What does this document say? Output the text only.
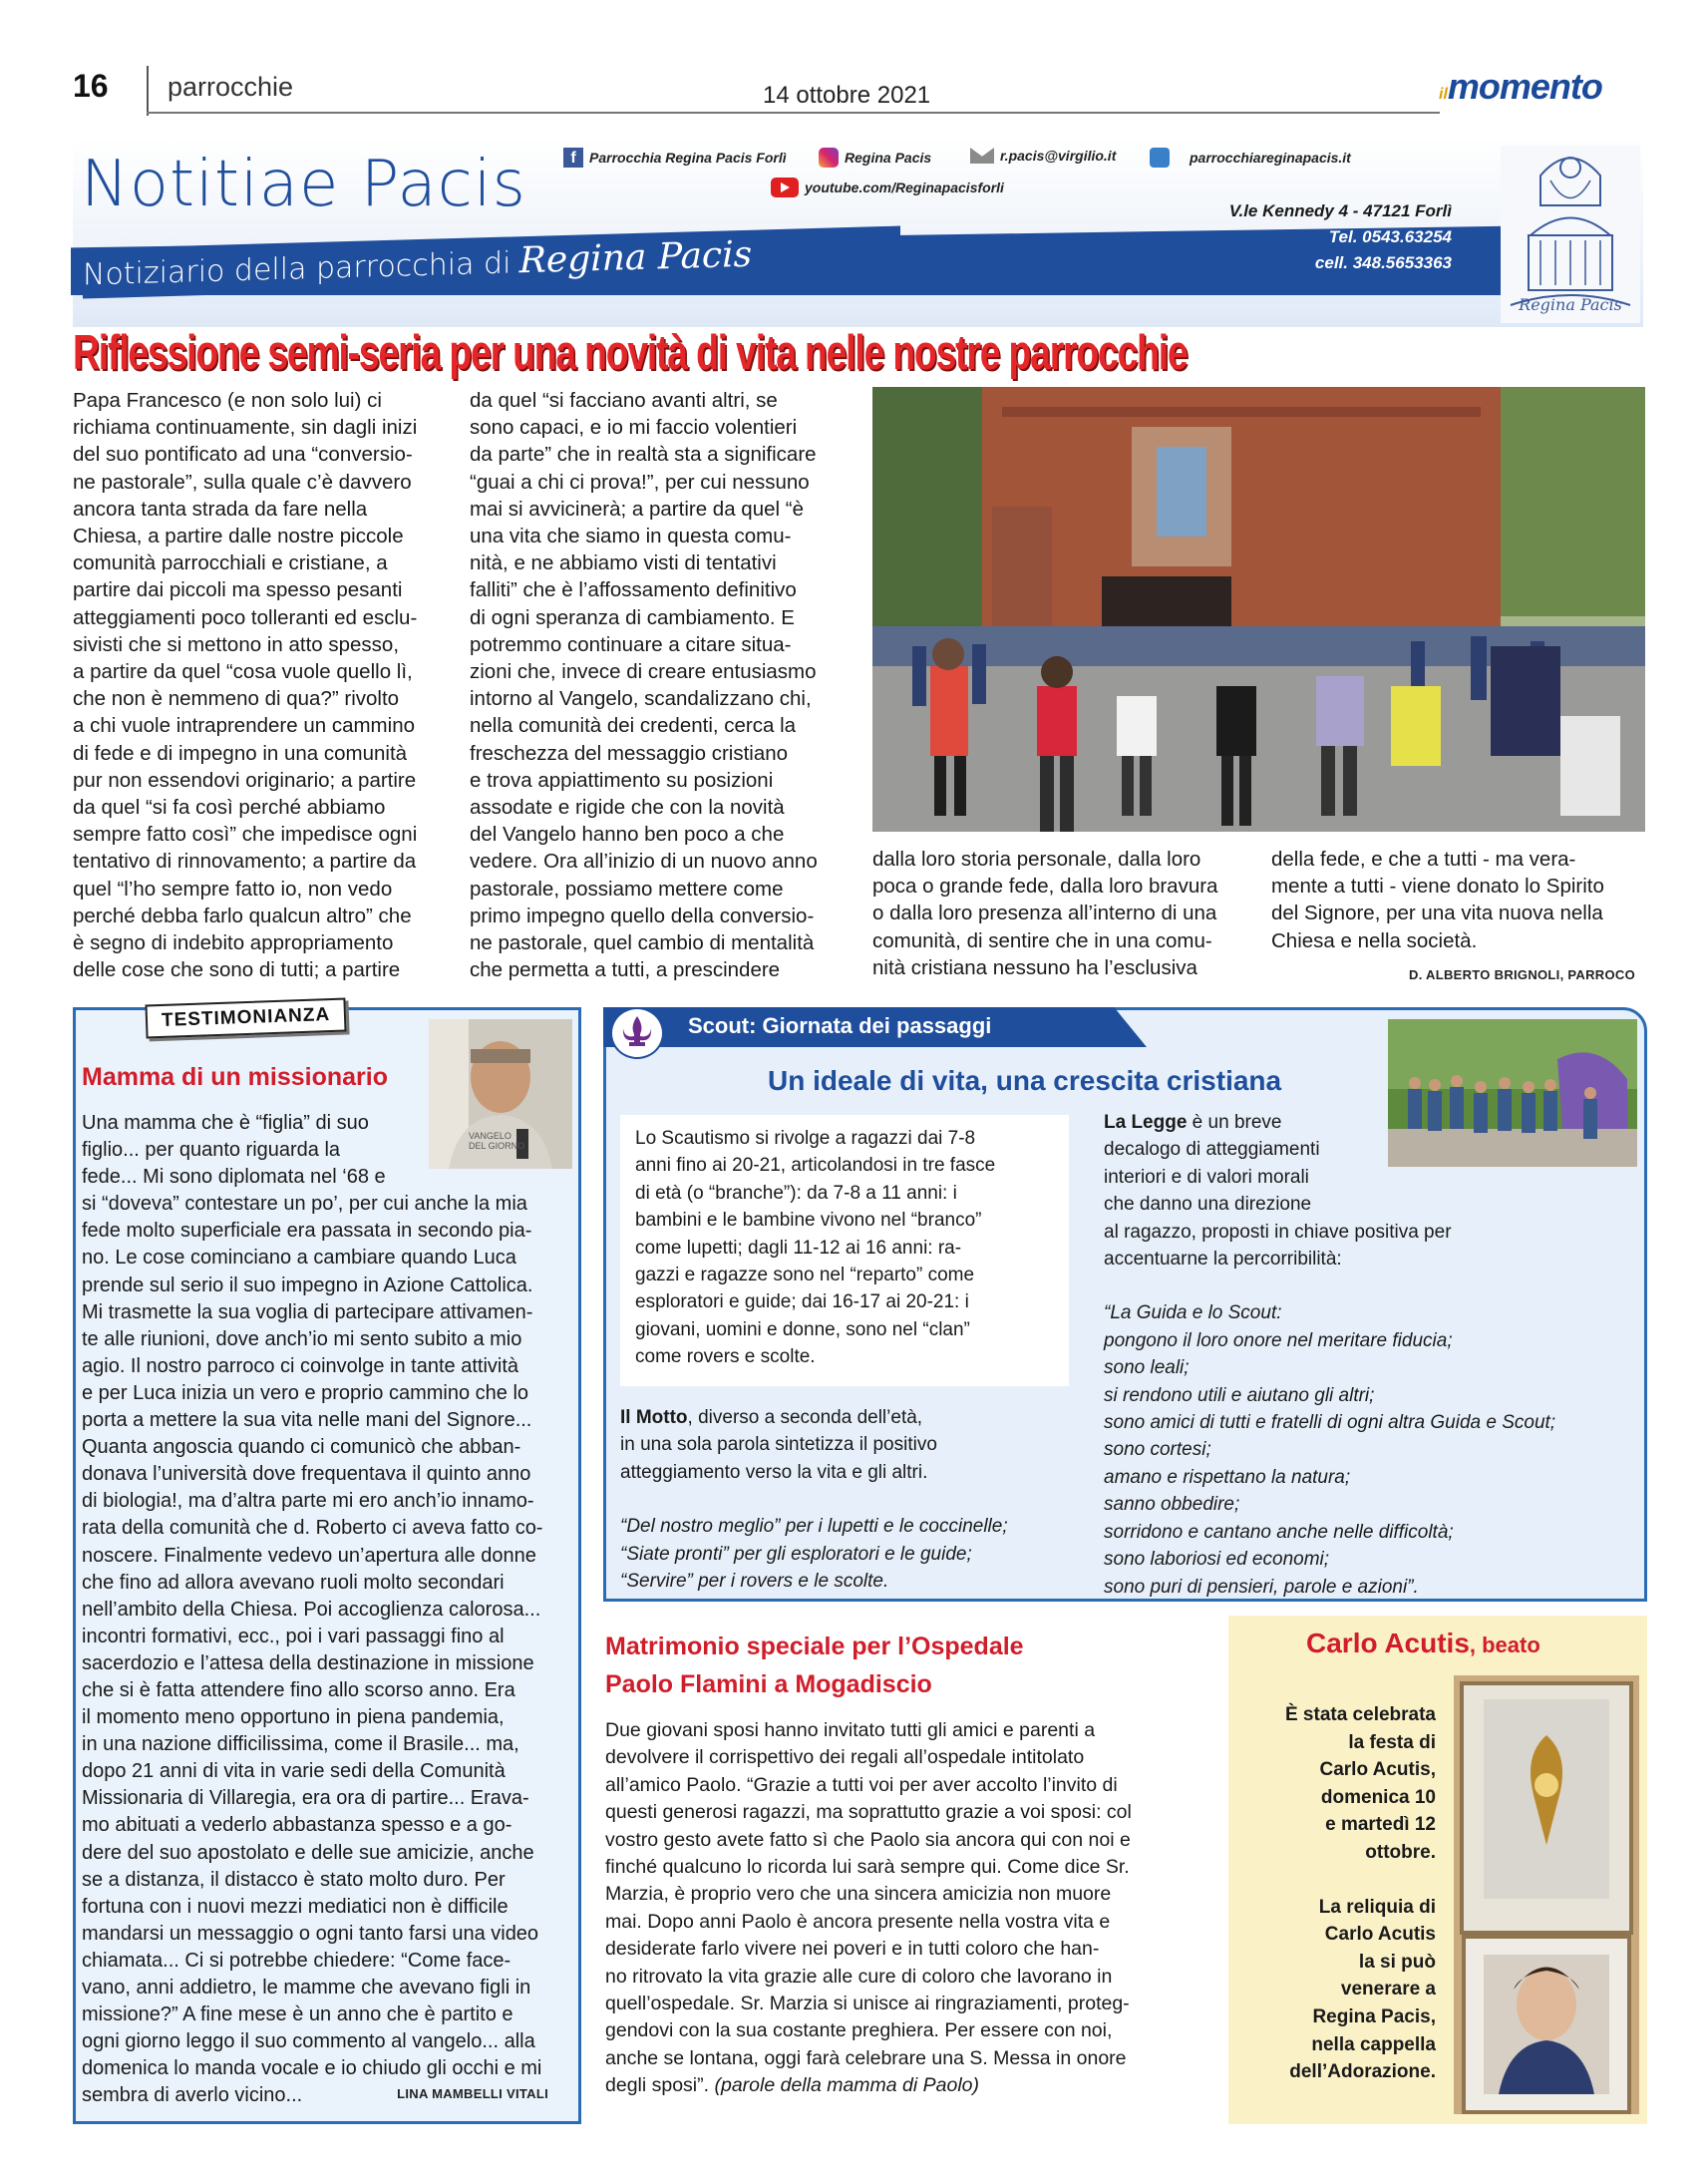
16 parrocchie	14 ottobre 2021	ilmomento
Notitiae Pacis
Notiziario della parrocchia di Regina Pacis
f Parrocchia Regina Pacis Forlì	Regina Pacis	r.pacis@virgilio.it	parrocchiareginapacis.it
youtube.com/Reginapacisforli
V.le Kennedy 4 - 47121 Forlì
Tel. 0543.63254
cell. 348.5653363
Regina Pacis
Riflessione semi-seria per una novità di vita nelle nostre parrocchie

Papa Francesco (e non solo lui) ci

richiama continuamente, sin dagli inizi

del suo pontificato ad una “conversio-

ne pastorale”, sulla quale c’è davvero

ancora tanta strada da fare nella

Chiesa, a partire dalle nostre piccole

comunità parrocchiali e cristiane, a

partire dai piccoli ma spesso pesanti

atteggiamenti poco tolleranti ed esclu-

sivisti che si mettono in atto spesso,

a partire da quel “cosa vuole quello lì,

che non è nemmeno di qua?” rivolto

a chi vuole intraprendere un cammino

di fede e di impegno in una comunità

pur non essendovi originario; a partire

da quel “si fa così perché abbiamo

sempre fatto così” che impedisce ogni

tentativo di rinnovamento; a partire da

quel “l’ho sempre fatto io, non vedo

perché debba farlo qualcun altro” che

è segno di indebito appropriamento

delle cose che sono di tutti; a partire

da quel “si facciano avanti altri, se

sono capaci, e io mi faccio volentieri

da parte” che in realtà sta a significare

“guai a chi ci prova!”, per cui nessuno

mai si avvicinerà; a partire da quel “è

una vita che siamo in questa comu-

nità, e ne abbiamo visti di tentativi

falliti” che è l’affossamento definitivo

di ogni speranza di cambiamento. E

potremmo continuare a citare situa-

zioni che, invece di creare entusiasmo

intorno al Vangelo, scandalizzano chi,

nella comunità dei credenti, cerca la

freschezza del messaggio cristiano

e trova appiattimento su posizioni

assodate e rigide che con la novità

del Vangelo hanno ben poco a che

vedere. Ora all’inizio di un nuovo anno

pastorale, possiamo mettere come

primo impegno quello della conversio-

ne pastorale, quel cambio di mentalità

che permetta a tutti, a prescindere

dalla loro storia personale, dalla loro

poca o grande fede, dalla loro bravura

o dalla loro presenza all’interno di una

comunità, di sentire che in una comu-

nità cristiana nessuno ha l’esclusiva

della fede, e che a tutti - ma vera-

mente a tutti - viene donato lo Spirito

del Signore, per una vita nuova nella

Chiesa e nella società.

D. ALBERTO BRIGNOLI, PARROCO
TESTIMONIANZA
Mamma di un missionario
VANGELO DEL GIORNO

Una mamma che è “figlia” di suo

figlio... per quanto riguarda la

fede... Mi sono diplomata nel ‘68 e

si “doveva” contestare un po’, per cui anche la mia

fede molto superficiale era passata in secondo pia-

no. Le cose cominciano a cambiare quando Luca

prende sul serio il suo impegno in Azione Cattolica.

Mi trasmette la sua voglia di partecipare attivamen-

te alle riunioni, dove anch’io mi sento subito a mio

agio. Il nostro parroco ci coinvolge in tante attività

e per Luca inizia un vero e proprio cammino che lo

porta a mettere la sua vita nelle mani del Signore...

Quanta angoscia quando ci comunicò che abban-

donava l’università dove frequentava il quinto anno

di biologia!, ma d’altra parte mi ero anch’io innamo-

rata della comunità che d. Roberto ci aveva fatto co-

noscere. Finalmente vedevo un’apertura alle donne

che fino ad allora avevano ruoli molto secondari

nell’ambito della Chiesa. Poi accoglienza calorosa...

incontri formativi, ecc., poi i vari passaggi fino al

sacerdozio e l’attesa della destinazione in missione

che si è fatta attendere fino allo scorso anno. Era

il momento meno opportuno in piena pandemia,

in una nazione difficilissima, come il Brasile... ma,

dopo 21 anni di vita in varie sedi della Comunità

Missionaria di Villaregia, era ora di partire... Erava-

mo abituati a vederlo abbastanza spesso e a go-

dere del suo apostolato e delle sue amicizie, anche

se a distanza, il distacco è stato molto duro. Per

fortuna con i nuovi mezzi mediatici non è difficile

mandarsi un messaggio o ogni tanto farsi una video

chiamata... Ci si potrebbe chiedere: “Come face-

vano, anni addietro, le mamme che avevano figli in

missione?” A fine mese è un anno che è partito e

ogni giorno leggo il suo commento al vangelo... alla

domenica lo manda vocale e io chiudo gli occhi e mi

sembra di averlo vicino...	LINA MAMBELLI VITALI
Scout: Giornata dei passaggi
Un ideale di vita, una crescita cristiana

Lo Scautismo si rivolge a ragazzi dai 7-8

anni fino ai 20-21, articolandosi in tre fasce

di età (o “branche”): da 7-8 a 11 anni: i

bambini e le bambine vivono nel “branco”

come lupetti; dagli 11-12 ai 16 anni: ra-

gazzi e ragazze sono nel “reparto” come

esploratori e guide; dai 16-17 ai 20-21: i

giovani, uomini e donne, sono nel “clan”

come rovers e scolte.

Il Motto, diverso a seconda dell’età,

in una sola parola sintetizza il positivo

atteggiamento verso la vita e gli altri.

“Del nostro meglio” per i lupetti e le coccinelle;

“Siate pronti” per gli esploratori e le guide;

“Servire” per i rovers e le scolte.

La Legge è un breve

decalogo di atteggiamenti

interiori e di valori morali

che danno una direzione

al ragazzo, proposti in chiave positiva per

accentuarne la percorribilità:

“La Guida e lo Scout:

pongono il loro onore nel meritare fiducia;

sono leali;

si rendono utili e aiutano gli altri;

sono amici di tutti e fratelli di ogni altra Guida e Scout;

sono cortesi;

amano e rispettano la natura;

sanno obbedire;

sorridono e cantano anche nelle difficoltà;

sono laboriosi ed economi;

sono puri di pensieri, parole e azioni”.

Matrimonio speciale per l’Ospedale
Paolo Flamini a Mogadiscio

Due giovani sposi hanno invitato tutti gli amici e parenti a

devolvere il corrispettivo dei regali all’ospedale intitolato

all’amico Paolo. “Grazie a tutti voi per aver accolto l’invito di

questi generosi ragazzi, ma soprattutto grazie a voi sposi: col

vostro gesto avete fatto sì che Paolo sia ancora qui con noi e

finché qualcuno lo ricorda lui sarà sempre qui. Come dice Sr.

Marzia, è proprio vero che una sincera amicizia non muore

mai. Dopo anni Paolo è ancora presente nella vostra vita e

desiderate farlo vivere nei poveri e in tutti coloro che han-

no ritrovato la vita grazie alle cure di coloro che lavorano in

quell’ospedale. Sr. Marzia si unisce ai ringraziamenti, proteg-

gendovi con la sua costante preghiera. Per essere con noi,

anche se lontana, oggi farà celebrare una S. Messa in onore

degli sposi”. (parole della mamma di Paolo)

Carlo Acutis, beato
È stata celebrata
la festa di
Carlo Acutis,
domenica 10
e martedì 12
ottobre.
La reliquia di
Carlo Acutis
la si può
venerare a
Regina Pacis,
nella cappella
dell’Adorazione.
